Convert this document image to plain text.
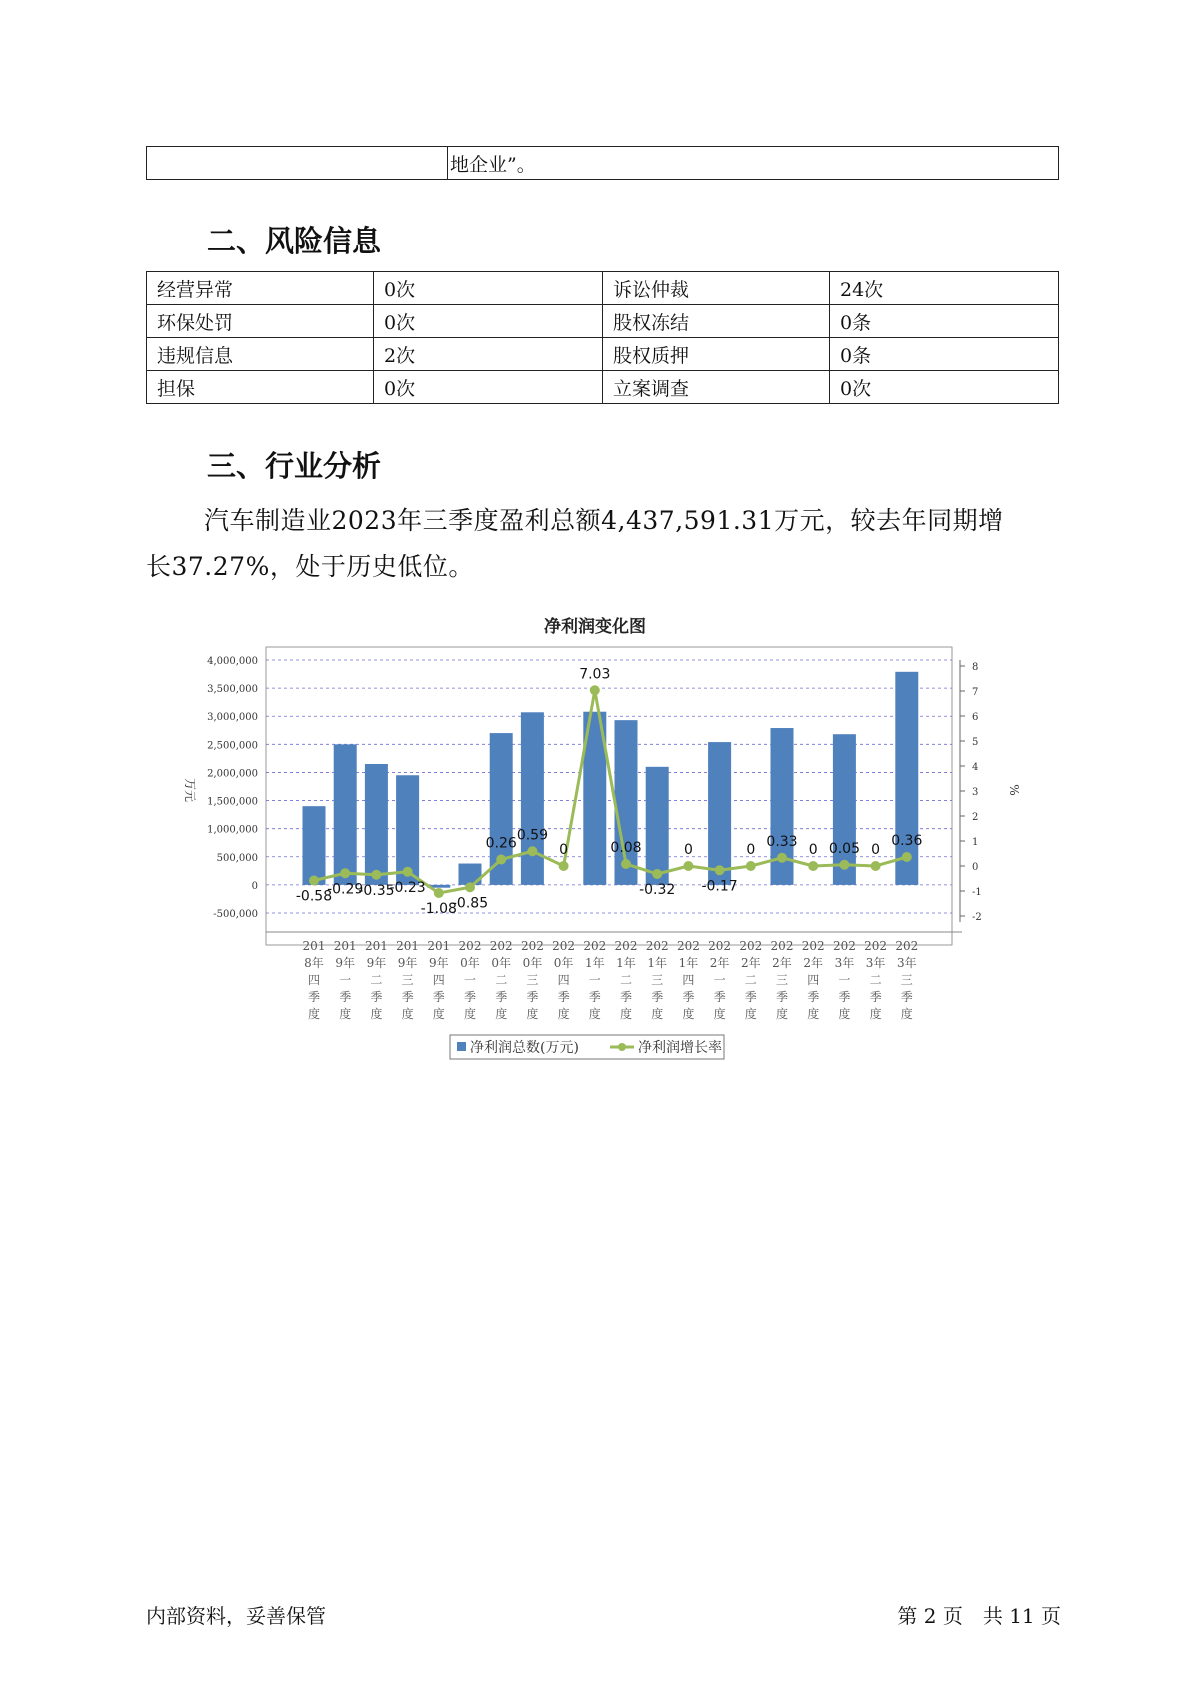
	地企业”。
二、风险信息
经营异常	0次	诉讼仲裁	24次
环保处罚	0次	股权冻结	0条
违规信息	2次	股权质押	0条
担保	0次	立案调查	0次
三、行业分析
汽车制造业2023年三季度盈利总额4,437,591.31万元，较去年同期增
长37.27%，处于历史低位。
净利润变化图
-500,000
0
500,000
1,000,000
1,500,000
2,000,000
2,500,000
3,000,000
3,500,000
4,000,000
-2
-1
0
1
2
3
4
5
6
7
8
万元	%
201
8年
四
季
度
201
9年
一
季
度
201
9年
二
季
度
201
9年
三
季
度
201
9年
四
季
度
202
0年
一
季
度
202
0年
二
季
度
202
0年
三
季
度
202
0年
四
季
度
202
1年
一
季
度
202
1年
二
季
度
202
1年
三
季
度
202
1年
四
季
度
202
2年
一
季
度
202
2年
二
季
度
202
2年
三
季
度
202
2年
四
季
度
202
3年
一
季
度
202
3年
二
季
度
202
3年
三
季
度
-0.58
-0.29
-0.35
-0.23
-1.08
-0.85
0.26
0.59
0
7.03
0.08
-0.32
0
-0.17
0
0.33
0 0.05 0
0.36
净利润总数(万元)	净利润增长率
内部资料，妥善保管	第 2 页　共 11 页
